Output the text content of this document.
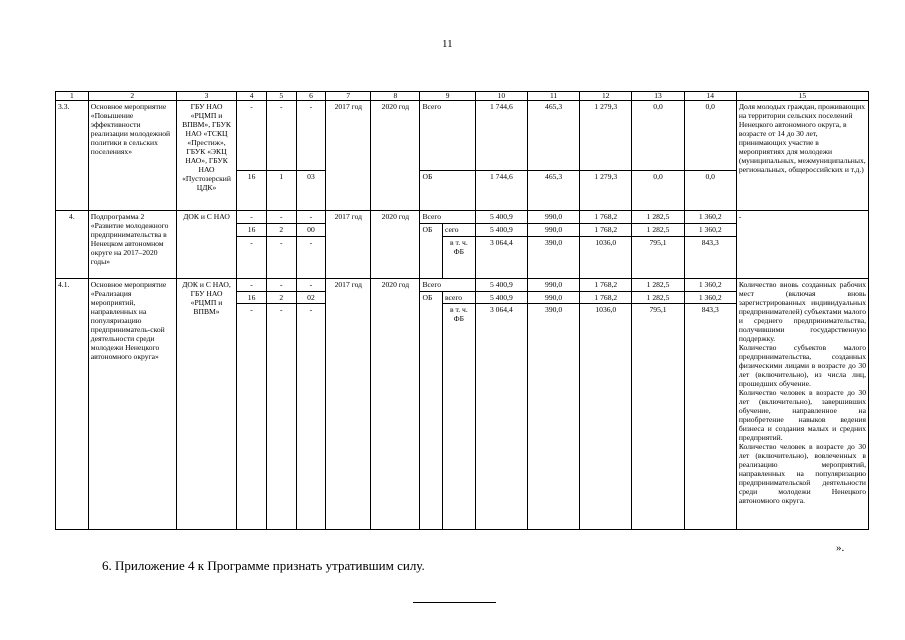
11
1	2	3	4	5	6	7	8	9		10	11	12	13	14	15
3.3.	Основное мероприятие «Повышение эффективности реализации молодежной политики в сельских поселениях»	ГБУ НАО «РЦМП и ВПВМ», ГБУК НАО «ТСКЦ «Престиж», ГБУК «ЭКЦ НАО», ГБУК НАО «Пустозерский ЦДК»	-	-	-	2017 год	2020 год	Всего		1 744,6	465,3	1 279,3	0,0	0,0	Доля молодых граждан, проживающих на территории сельских поселений Ненецкого автономного округа, в возрасте от 14 до 30 лет, принимающих участие в мероприятиях для молодежи (муниципальных, межмуниципальных, региональных, общероссийских и т.д.)
			16	1	03			ОБ		1 744,6	465,3	1 279,3	0,0	0,0	
4.	Подпрограмма 2 «Развитие молодежного предпринимательства в Ненецком автономном округе на 2017–2020 годы»	ДОК и С НАО	-	-	-	2017 год	2020 год	Всего		5 400,9	990,0	1 768,2	1 282,5	1 360,2	-
			16	2	00			ОБ	сего	5 400,9	990,0	1 768,2	1 282,5	1 360,2	
			-	-	-				в т. ч. ФБ	3 064,4	390,0	1036,0	795,1	843,3	
4.1.	Основное мероприятие «Реализация мероприятий, направленных на популяризацию предприниматель-ской деятельности среди молодежи Ненецкого автономного округа»	ДОК и С НАО, ГБУ НАО «РЦМП и ВПВМ»	-	-	-	2017 год	2020 год	Всего		5 400,9	990,0	1 768,2	1 282,5	1 360,2	Количество вновь созданных рабочих мест (включая вновь зарегистрированных индивидуальных предпринимателей) субъектами малого и среднего предпринимательства, получившими государственную поддержку.
Количество субъектов малого предпринимательства, созданных физическими лицами в возрасте до 30 лет (включительно), из числа лиц, прошедших обучение.
Количество человек в возрасте до 30 лет (включительно), завершивших обучение, направленное на приобретение навыков ведения бизнеса и создания малых и средних предприятий.
Количество человек в возрасте до 30 лет (включительно), вовлеченных в реализацию мероприятий, направленных на популяризацию предпринимательской деятельности среди молодежи Ненецкого автономного округа.

			16	2	02			ОБ	всего	5 400,9	990,0	1 768,2	1 282,5	1 360,2	
			-	-	-				в т. ч. ФБ	3 064,4	390,0	1036,0	795,1	843,3	
».
6. Приложение 4 к Программе признать утратившим силу.
